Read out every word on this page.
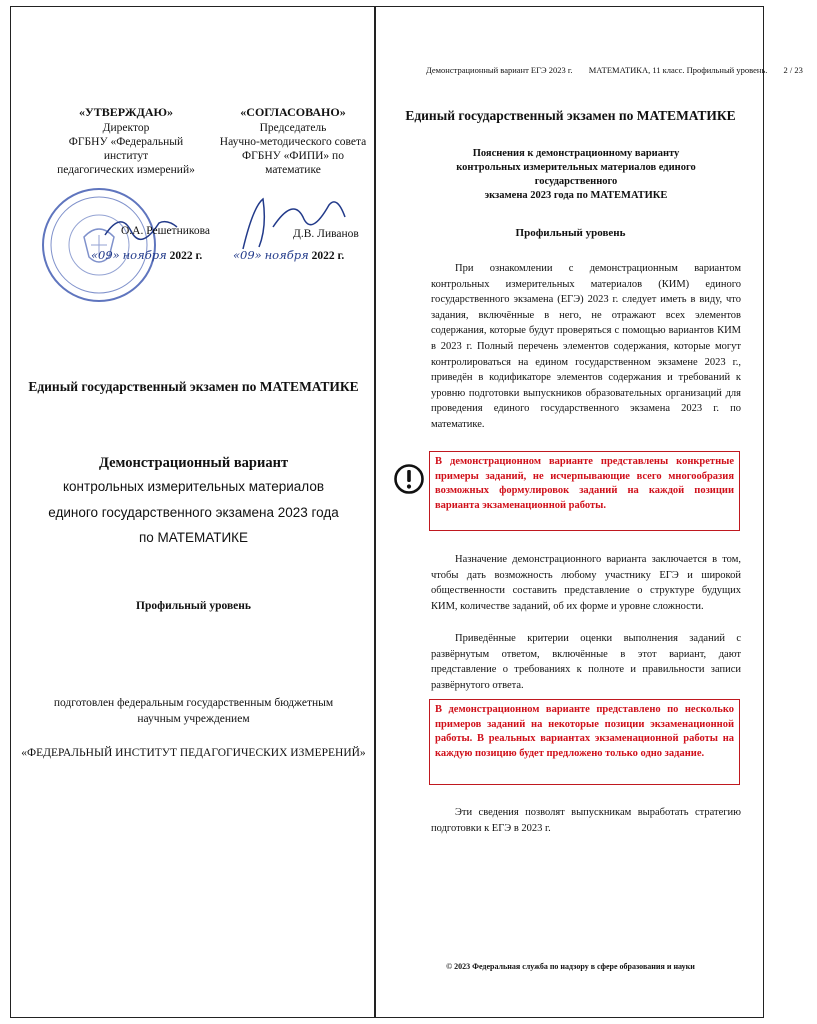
«УТВЕРЖДАЮ»
Директор
ФГБНУ «Федеральный институт
педагогических измерений»
О.А. Решетникова
«09» ноября 2022 г.
«СОГЛАСОВАНО»
Председатель
Научно-методического совета
ФГБНУ «ФИПИ» по математике
Д.В. Ливанов
«09» ноября 2022 г.
Единый государственный экзамен по МАТЕМАТИКЕ
Демонстрационный вариант
контрольных измерительных материалов
единого государственного экзамена 2023 года
по МАТЕМАТИКЕ
Профильный уровень
подготовлен федеральным государственным бюджетным
научным учреждением
«ФЕДЕРАЛЬНЫЙ ИНСТИТУТ ПЕДАГОГИЧЕСКИХ ИЗМЕРЕНИЙ»
Демонстрационный вариант ЕГЭ 2023 г. МАТЕМАТИКА, 11 класс. Профильный уровень. 2 / 23
Единый государственный экзамен по МАТЕМАТИКЕ
Пояснения к демонстрационному варианту
контрольных измерительных материалов единого государственного
экзамена 2023 года по МАТЕМАТИКЕ
Профильный уровень
При ознакомлении с демонстрационным вариантом контрольных измерительных материалов (КИМ) единого государственного экзамена (ЕГЭ) 2023 г. следует иметь в виду, что задания, включённые в него, не отражают всех элементов содержания, которые будут проверяться с помощью вариантов КИМ в 2023 г. Полный перечень элементов содержания, которые могут контролироваться на едином государственном экзамене 2023 г., приведён в кодификаторе элементов содержания и требований к уровню подготовки выпускников образовательных организаций для проведения единого государственного экзамена 2023 г. по математике.
В демонстрационном варианте представлены конкретные примеры заданий, не исчерпывающие всего многообразия возможных формулировок заданий на каждой позиции варианта экзаменационной работы.
Назначение демонстрационного варианта заключается в том, чтобы дать возможность любому участнику ЕГЭ и широкой общественности составить представление о структуре будущих КИМ, количестве заданий, об их форме и уровне сложности.
Приведённые критерии оценки выполнения заданий с развёрнутым ответом, включённые в этот вариант, дают представление о требованиях к полноте и правильности записи развёрнутого ответа.
В демонстрационном варианте представлено по несколько примеров заданий на некоторые позиции экзаменационной работы. В реальных вариантах экзаменационной работы на каждую позицию будет предложено только одно задание.
Эти сведения позволят выпускникам выработать стратегию подготовки к ЕГЭ в 2023 г.
© 2023 Федеральная служба по надзору в сфере образования и науки
